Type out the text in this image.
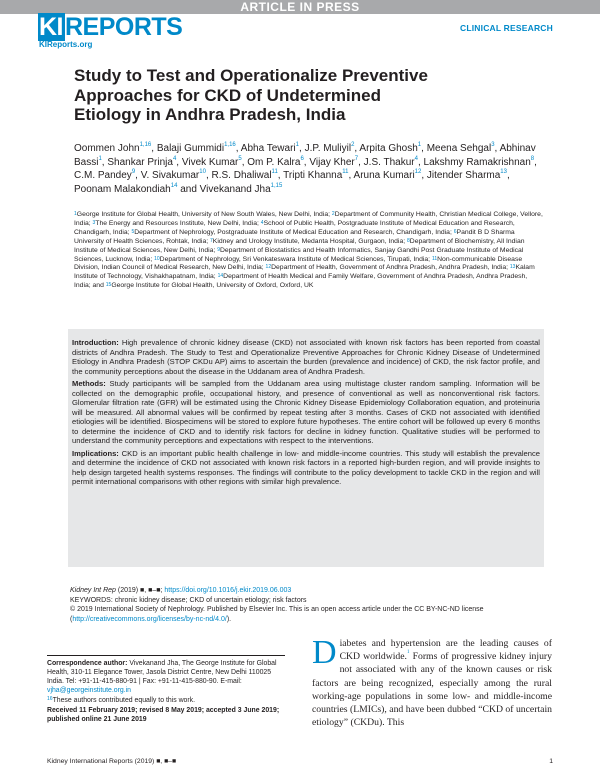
ARTICLE IN PRESS
KIREPORTS
KIReports.org
CLINICAL RESEARCH
Study to Test and Operationalize Preventive
Approaches for CKD of Undetermined
Etiology in Andhra Pradesh, India
Oommen John$^{1,16}$, Balaji Gummidi$^{1,16}$, Abha Tewari$^1$, J.P. Muliyil$^2$, Arpita Ghosh$^1$, Meena Sehgal$^3$, Abhinav Bassi$^1$, Shankar Prinja$^4$, Vivek Kumar$^5$, Om P. Kalra$^6$, Vijay Kher$^7$, J.S. Thakur$^4$, Lakshmy Ramakrishnan$^8$, C.M. Pandey$^9$, V. Sivakumar$^{10}$, R.S. Dhaliwal$^{11}$, Tripti Khanna$^{11}$, Aruna Kumari$^{12}$, Jitender Sharma$^{13}$, Poonam Malakondiah$^{14}$ and Vivekanand Jha$^{1,15}$
$^1$George Institute for Global Health, University of New South Wales, New Delhi, India; $^2$Department of Community Health, Christian Medical College, Vellore, India; $^3$The Energy and Resources Institute, New Delhi, India; $^4$School of Public Health, Postgraduate Institute of Medical Education and Research, Chandigarh, India; $^5$Department of Nephrology, Postgraduate Institute of Medical Education and Research, Chandigarh, India; $^6$Pandit B D Sharma University of Health Sciences, Rohtak, India; $^7$Kidney and Urology Institute, Medanta Hospital, Gurgaon, India; $^8$Department of Biochemistry, All Indian Institute of Medical Sciences, New Delhi, India; $^9$Department of Biostatistics and Health Informatics, Sanjay Gandhi Post Graduate Institute of Medical Sciences, Lucknow, India; $^{10}$Department of Nephrology, Sri Venkateswara Institute of Medical Sciences, Tirupati, India; $^{11}$Non-communicable Disease Division, Indian Council of Medical Research, New Delhi, India; $^{12}$Department of Health, Government of Andhra Pradesh, Andhra Pradesh, India; $^{13}$Kalam Institute of Technology, Vishakhapatnam, India; $^{14}$Department of Health Medical and Family Welfare, Government of Andhra Pradesh, Andhra Pradesh, India; and $^{15}$George Institute for Global Health, University of Oxford, Oxford, UK

Introduction: High prevalence of chronic kidney disease (CKD) not associated with known risk factors has been reported from coastal districts of Andhra Pradesh. The Study to Test and Operationalize Preventive Approaches for Chronic Kidney Disease of Undetermined Etiology in Andhra Pradesh (STOP CKDu AP) aims to ascertain the burden (prevalence and incidence) of CKD, the risk factor profile, and the community perceptions about the disease in the Uddanam area of Andhra Pradesh.

Methods: Study participants will be sampled from the Uddanam area using multistage cluster random sampling. Information will be collected on the demographic profile, occupational history, and presence of conventional as well as nonconventional risk factors. Glomerular filtration rate (GFR) will be estimated using the Chronic Kidney Disease Epidemiology Collaboration equation, and proteinuria will be measured. All abnormal values will be confirmed by repeat testing after 3 months. Cases of CKD not associated with identified etiologies will be identified. Biospecimens will be stored to explore future hypotheses. The entire cohort will be followed up every 6 months to determine the incidence of CKD and to identify risk factors for decline in kidney function. Qualitative studies will be performed to understand the community perceptions and expectations with respect to the interventions.

Implications: CKD is an important public health challenge in low- and middle-income countries. This study will establish the prevalence and determine the incidence of CKD not associated with known risk factors in a reported high-burden region, and will provide insights to help design targeted health systems responses. The findings will contribute to the policy development to tackle CKD in the region and will permit international comparisons with other regions with similar high prevalence.

Kidney Int Rep (2019) ■, ■–■; https://doi.org/10.1016/j.ekir.2019.06.003
KEYWORDS: chronic kidney disease; CKD of uncertain etiology; risk factors
© 2019 International Society of Nephrology. Published by Elsevier Inc. This is an open access article under the CC BY-NC-ND license (http://creativecommons.org/licenses/by-nc-nd/4.0/).

Correspondence author: Vivekanand Jha, The George Institute for Global Health, 310-11 Elegance Tower, Jasola District Centre, New Delhi 110025 India. Tel: +91-11-415-880-91 | Fax: +91-11-415-880-90. E-mail: vjha@georgeinstitute.org.in

$^{16}$These authors contributed equally to this work.

Received 11 February 2019; revised 8 May 2019; accepted 3 June 2019; published online 21 June 2019

Diabetes and hypertension are the leading causes of CKD worldwide.$^1$ Forms of progressive kidney injury not associated with any of the known causes or risk factors are being recognized, especially among the rural working-age populations in some low- and middle-income countries (LMICs), and have been dubbed “CKD of uncertain etiology” (CKDu). This
Kidney International Reports (2019) ■, ■–■	1
